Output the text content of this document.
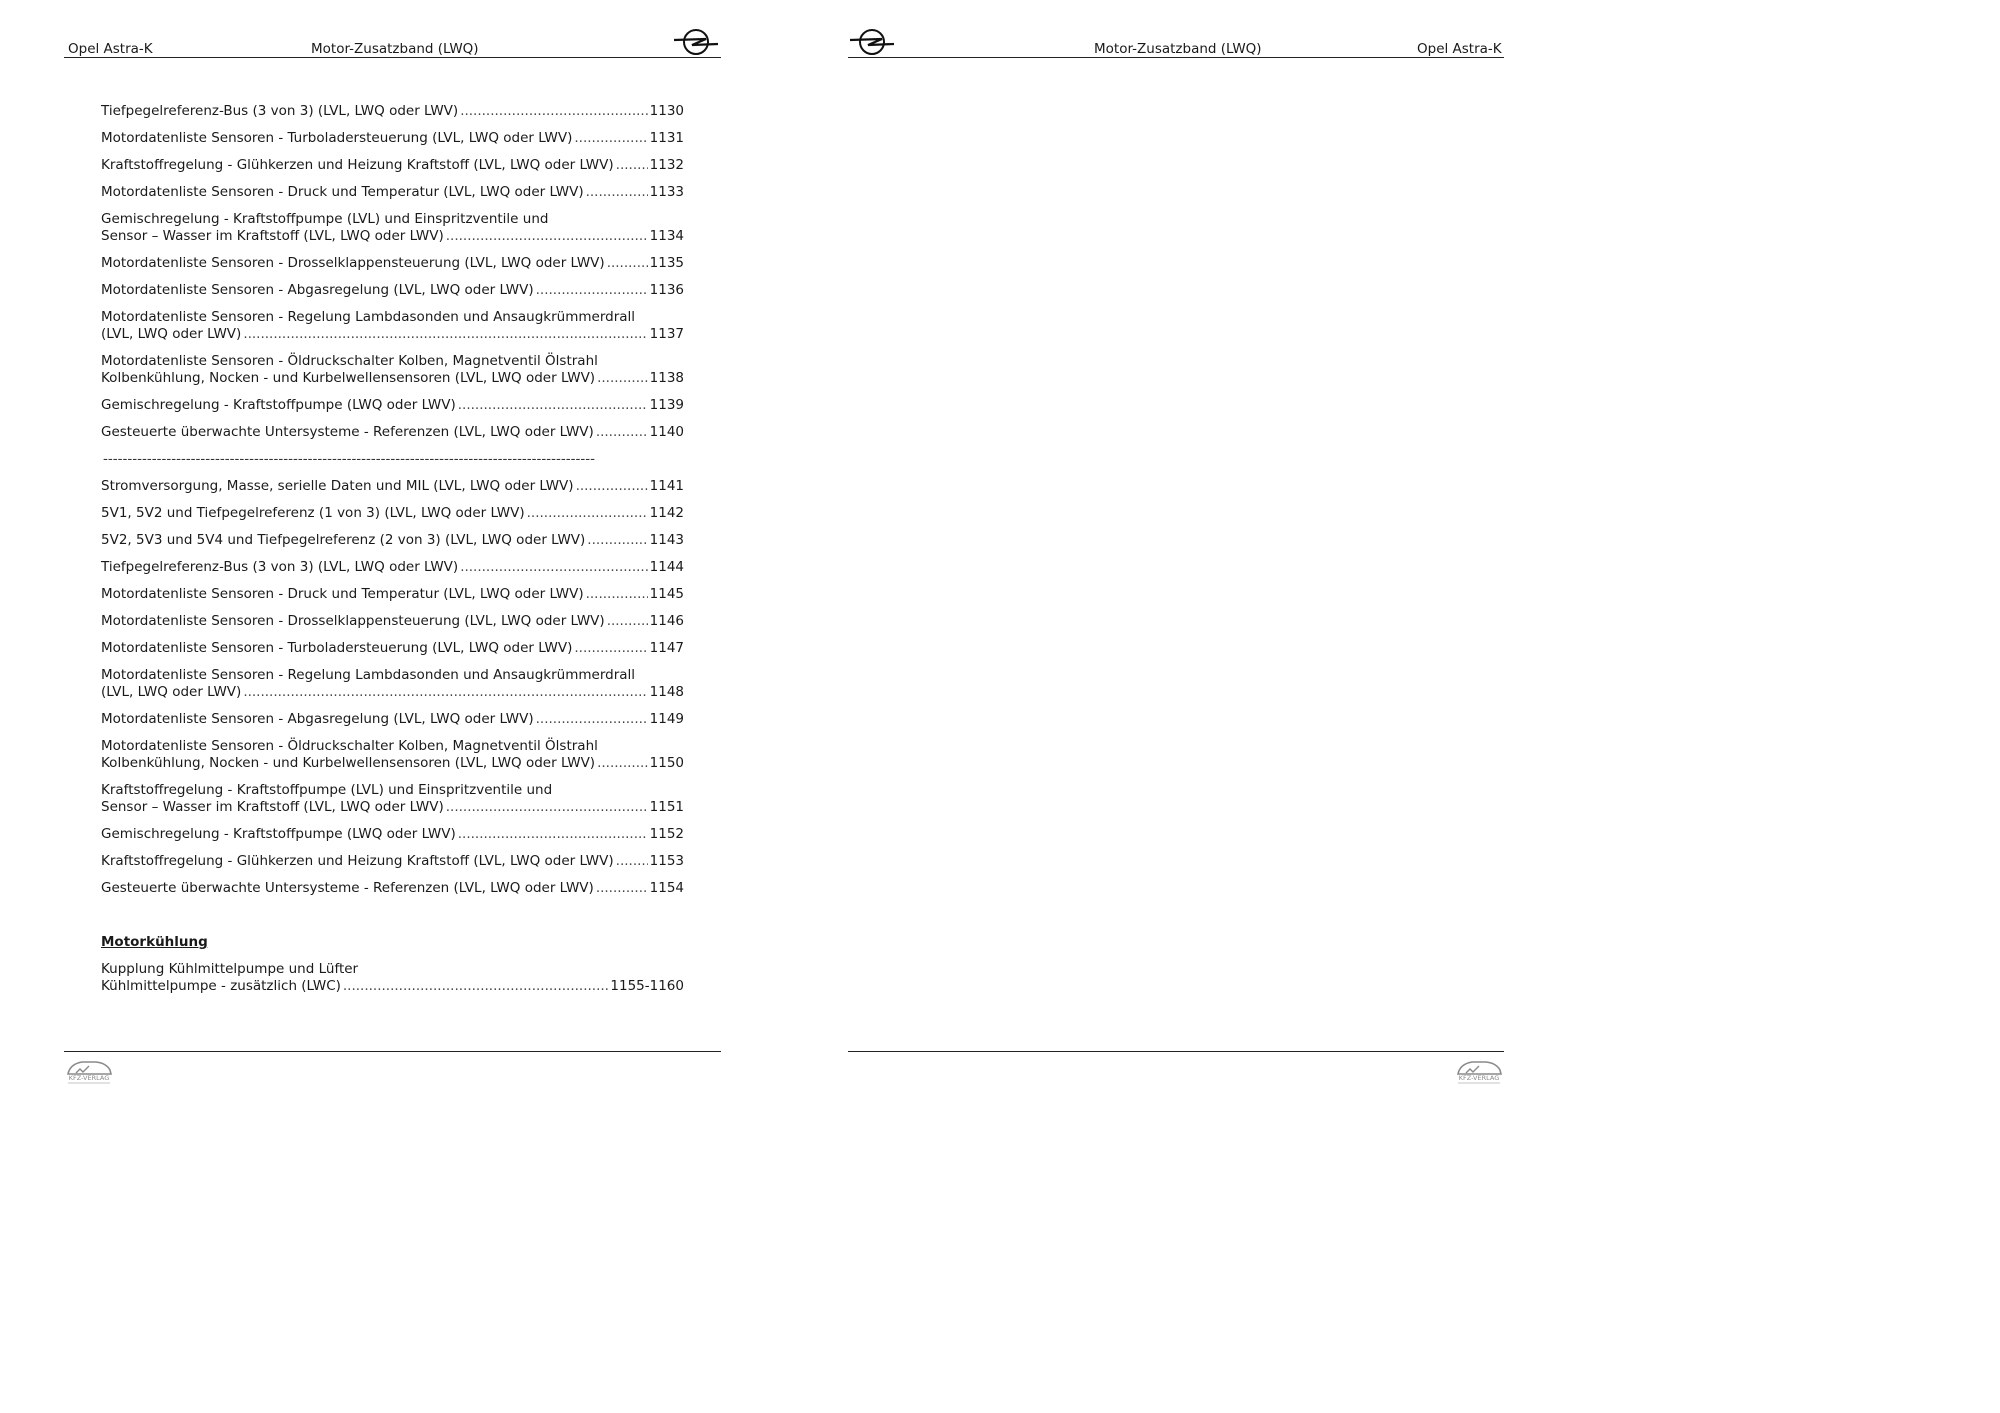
Opel Astra-K	Motor-Zusatzband (LWQ)
Tiefpegelreferenz-Bus (3 von 3) (LVL, LWQ oder LWV) .....	1130
Motordatenliste Sensoren - Turboladersteuerung (LVL, LWQ oder LWV) .....	1131
Kraftstoffregelung - Glühkerzen und Heizung Kraftstoff (LVL, LWQ oder LWV) .....	1132
Motordatenliste Sensoren - Druck und Temperatur (LVL, LWQ oder LWV) .....	1133
Gemischregelung - Kraftstoffpumpe (LVL) und Einspritzventile und
Sensor – Wasser im Kraftstoff (LVL, LWQ oder LWV) .....	1134
Motordatenliste Sensoren - Drosselklappensteuerung (LVL, LWQ oder LWV) .....	1135
Motordatenliste Sensoren - Abgasregelung (LVL, LWQ oder LWV) .....	1136
Motordatenliste Sensoren - Regelung Lambdasonden und Ansaugkrümmerdrall
(LVL, LWQ oder LWV) .....	1137
Motordatenliste Sensoren - Öldruckschalter Kolben, Magnetventil Ölstrahl
Kolbenkühlung, Nocken - und Kurbelwellensensoren (LVL, LWQ oder LWV) .....	1138
Gemischregelung - Kraftstoffpumpe (LWQ oder LWV) .....	1139
Gesteuerte überwachte Untersysteme - Referenzen (LVL, LWQ oder LWV) .....	1140
-----------------------------------------------------------------------------------------------------
Stromversorgung, Masse, serielle Daten und MIL (LVL, LWQ oder LWV) .....	1141
5V1, 5V2 und Tiefpegelreferenz (1 von 3) (LVL, LWQ oder LWV) .....	1142
5V2, 5V3 und 5V4 und Tiefpegelreferenz (2 von 3) (LVL, LWQ oder LWV) .....	1143
Tiefpegelreferenz-Bus (3 von 3) (LVL, LWQ oder LWV) .....	1144
Motordatenliste Sensoren - Druck und Temperatur (LVL, LWQ oder LWV) .....	1145
Motordatenliste Sensoren - Drosselklappensteuerung (LVL, LWQ oder LWV) .....	1146
Motordatenliste Sensoren - Turboladersteuerung (LVL, LWQ oder LWV) .....	1147
Motordatenliste Sensoren - Regelung Lambdasonden und Ansaugkrümmerdrall
(LVL, LWQ oder LWV) .....	1148
Motordatenliste Sensoren - Abgasregelung (LVL, LWQ oder LWV) .....	1149
Motordatenliste Sensoren - Öldruckschalter Kolben, Magnetventil Ölstrahl
Kolbenkühlung, Nocken - und Kurbelwellensensoren (LVL, LWQ oder LWV) .....	1150
Kraftstoffregelung - Kraftstoffpumpe (LVL) und Einspritzventile und
Sensor – Wasser im Kraftstoff (LVL, LWQ oder LWV) .....	1151
Gemischregelung - Kraftstoffpumpe (LWQ oder LWV) .....	1152
Kraftstoffregelung - Glühkerzen und Heizung Kraftstoff (LVL, LWQ oder LWV) .....	1153
Gesteuerte überwachte Untersysteme - Referenzen (LVL, LWQ oder LWV) .....	1154
Motorkühlung
Kupplung Kühlmittelpumpe und Lüfter
Kühlmittelpumpe - zusätzlich (LWC) .....	1155-1160
KFZ-VERLAG
Motor-Zusatzband (LWQ)	Opel Astra-K
KFZ-VERLAG
